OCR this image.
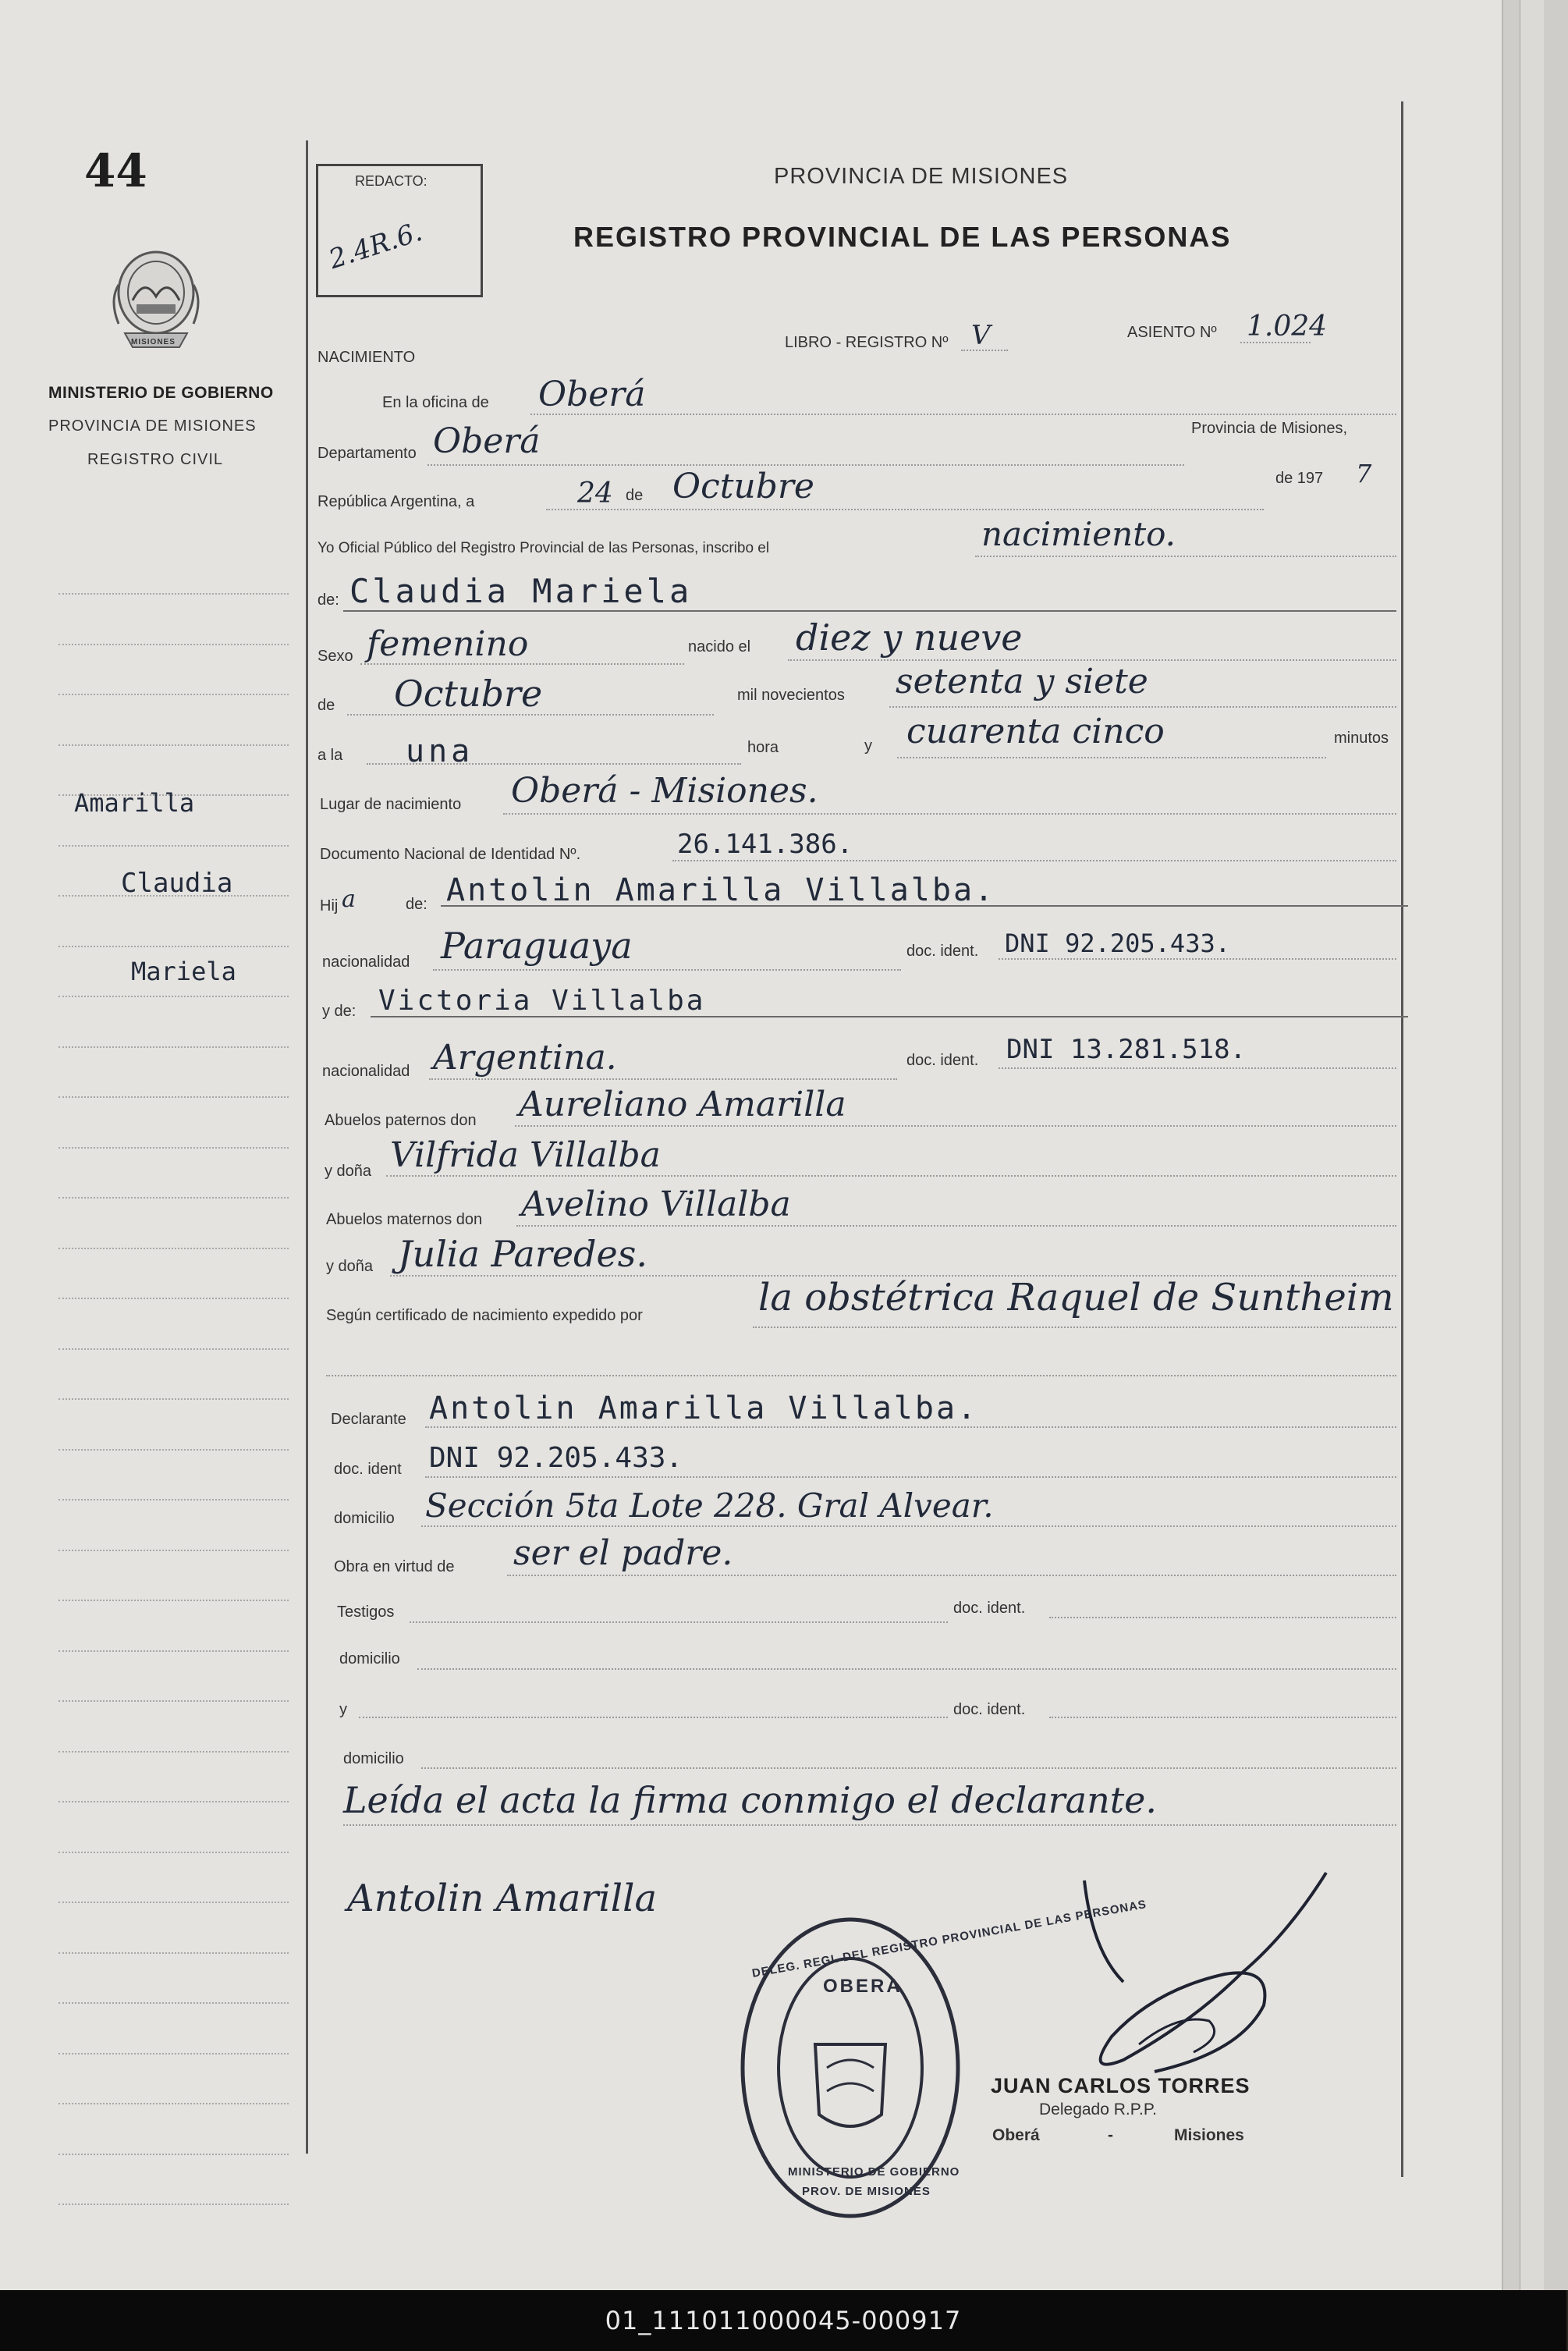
44
MISIONES
MINISTERIO DE GOBIERNO
PROVINCIA DE MISIONES
REGISTRO CIVIL
Amarilla
Claudia
Mariela
REDACTO:
2.4R.6.
PROVINCIA DE MISIONES
REGISTRO PROVINCIAL DE LAS PERSONAS
NACIMIENTO
LIBRO - REGISTRO Nº V	ASIENTO Nº 1.024
En la oficina de Oberá
Departamento Oberá	Provincia de Misiones,
República Argentina, a	24 de Octubre	de 197 7
Yo Oficial Público del Registro Provincial de las Personas, inscribo el	nacimiento.
de: Claudia Mariela
Sexo femenino	nacido el diez y nueve
de Octubre	mil novecientos setenta y siete
a la una	hora	y cuarenta cinco	minutos
Lugar de nacimiento Oberá - Misiones.
Documento Nacional de Identidad Nº.	26.141.386.
Hij a	de: Antolin Amarilla Villalba.
nacionalidad Paraguaya	doc. ident. DNI 92.205.433.
y de: Victoria Villalba
nacionalidad Argentina.	doc. ident. DNI 13.281.518.
Abuelos paternos don Aureliano Amarilla
y doña Vilfrida Villalba
Abuelos maternos don Avelino Villalba
y doña Julia Paredes.
Según certificado de nacimiento expedido por	la obstétrica Raquel de Suntheim
Declarante Antolin Amarilla Villalba.
doc. ident DNI 92.205.433.
domicilio Sección 5ta Lote 228. Gral Alvear.
Obra en virtud de ser el padre.
Testigos	doc. ident.
domicilio
y	doc. ident.
domicilio
Leída el acta la firma conmigo el declarante.
Antolin Amarilla	DELEG. REGI. DEL REGISTRO PROVINCIAL DE LAS PERSONAS
OBERA
MINISTERIO DE GOBIERNO
PROV. DE MISIONES
JUAN CARLOS TORRES
Delegado R.P.P.
Oberá	-	Misiones
01_111011000045-000917
